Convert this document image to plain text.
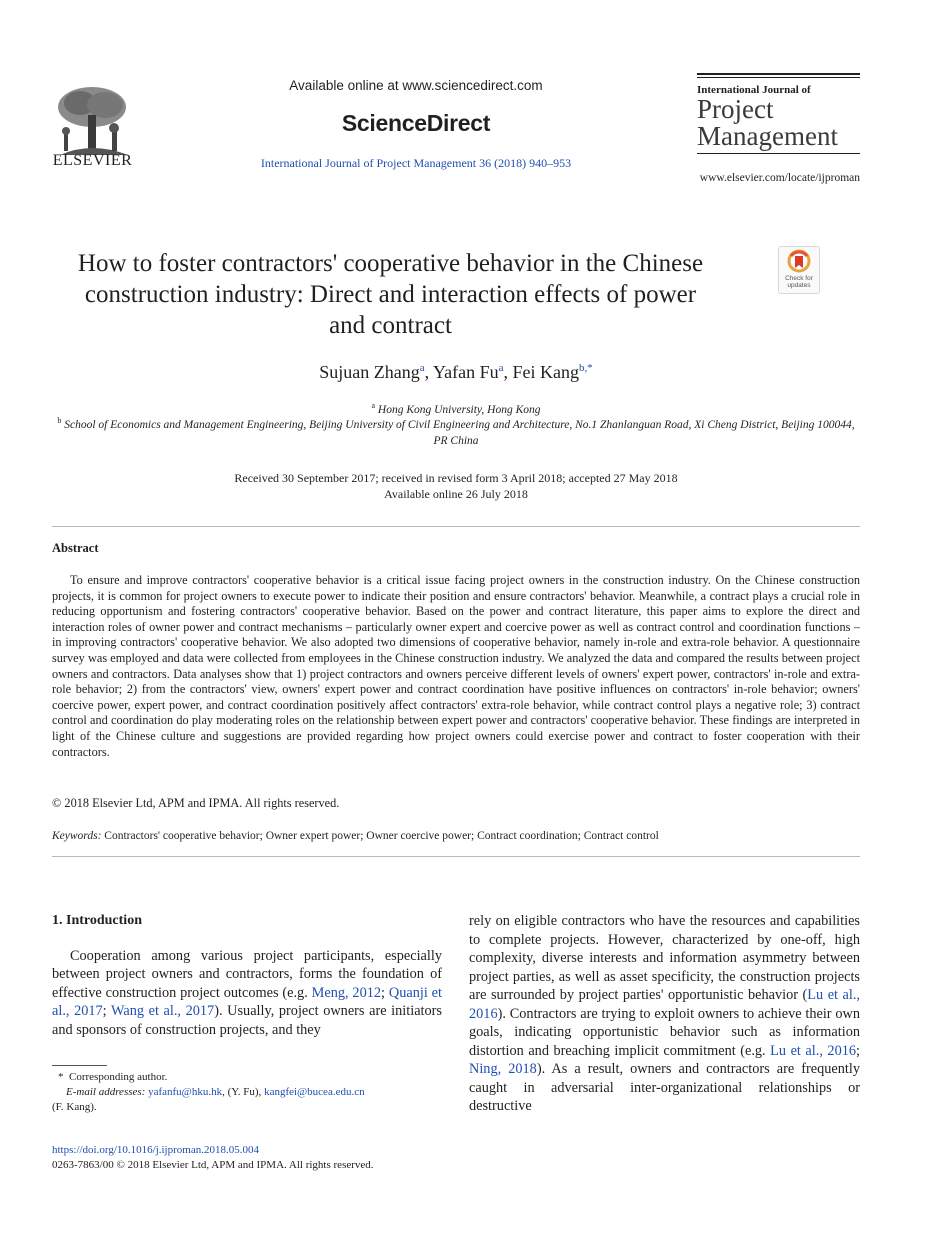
ELSEVIER
Available online at www.sciencedirect.com
ScienceDirect
International Journal of Project Management 36 (2018) 940–953
International Journal of
Project
Management
www.elsevier.com/locate/ijproman
How to foster contractors' cooperative behavior in the Chinese
construction industry: Direct and interaction effects of power
and contract
Check for updates
Sujuan Zhang$^a$, Yafan Fu$^a$, Fei Kang$^{b,*}$
$^a$ Hong Kong University, Hong Kong
$^b$ School of Economics and Management Engineering, Beijing University of Civil Engineering and Architecture, No.1 Zhanlanguan Road, Xi Cheng District, Beijing 100044, PR China
Received 30 September 2017; received in revised form 3 April 2018; accepted 27 May 2018
Available online 26 July 2018
Abstract
To ensure and improve contractors' cooperative behavior is a critical issue facing project owners in the construction industry. On the Chinese construction projects, it is common for project owners to execute power to indicate their position and ensure contractors' behavior. Meanwhile, a contract plays a crucial role in reducing opportunism and fostering contractors' cooperative behavior. Based on the power and contract literature, this paper aims to explore the direct and interaction roles of owner power and contract mechanisms – particularly owner expert and coercive power as well as contract control and coordination functions – in improving contractors' cooperative behavior. We also adopted two dimensions of cooperative behavior, namely in-role and extra-role behavior. A questionnaire survey was employed and data were collected from employees in the Chinese construction industry. We analyzed the data and compared the results between project owners and contractors. Data analyses show that 1) project contractors and owners perceive different levels of owners' expert power, contractors' in-role and extra-role behavior; 2) from the contractors' view, owners' expert power and contract coordination have positive influences on contractors' in-role behavior; owners' coercive power, expert power, and contract coordination positively affect contractors' extra-role behavior, while contract control plays a negative role; 3) contract control and coordination do play moderating roles on the relationship between expert power and contractors' cooperative behavior. These findings are interpreted in light of the Chinese culture and suggestions are provided regarding how project owners could exercise power and contract to foster cooperation with their contractors.
© 2018 Elsevier Ltd, APM and IPMA. All rights reserved.
Keywords: Contractors' cooperative behavior; Owner expert power; Owner coercive power; Contract coordination; Contract control
1. Introduction

Cooperation among various project participants, especially between project owners and contractors, forms the foundation of effective construction project outcomes (e.g. Meng, 2012; Quanji et al., 2017; Wang et al., 2017). Usually, project owners are initiators and sponsors of construction projects, and they

rely on eligible contractors who have the resources and capabilities to complete projects. However, characterized by one-off, high complexity, diverse interests and information asymmetry between project parties, as well as asset specificity, the construction projects are surrounded by project parties' opportunistic behavior (Lu et al., 2016). Contractors are trying to exploit owners to achieve their own goals, indicating opportunistic behavior such as information distortion and breaching implicit commitment (e.g. Lu et al., 2016; Ning, 2018). As a result, owners and contractors are frequently caught in adversarial inter-organizational relationships or destructive

* Corresponding author.
E-mail addresses: yafanfu@hku.hk, (Y. Fu), kangfei@bucea.edu.cn
(F. Kang).
https://doi.org/10.1016/j.ijproman.2018.05.004
0263-7863/00 © 2018 Elsevier Ltd, APM and IPMA. All rights reserved.
